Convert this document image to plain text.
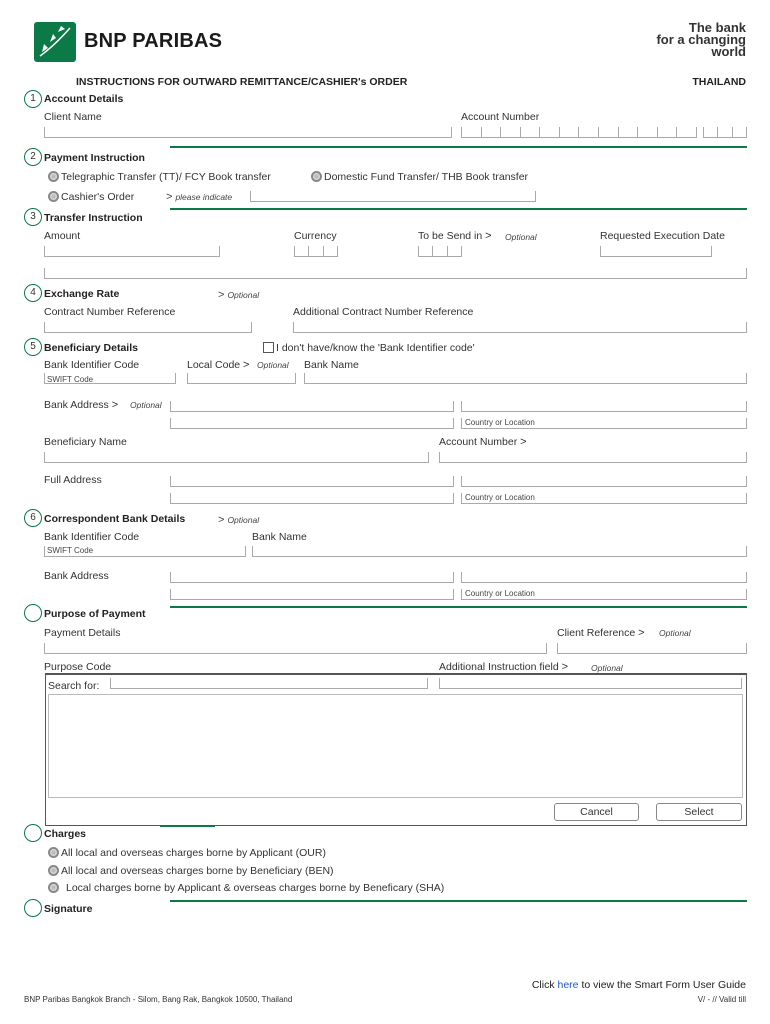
BNP PARIBAS
The bank
for a changing
world
INSTRUCTIONS FOR OUTWARD REMITTANCE/CASHIER's ORDER	THAILAND
1 Account Details
Client Name	Account Number
2 Payment Instruction
Telegraphic Transfer (TT)/ FCY Book transfer	Domestic Fund Transfer/ THB Book transfer
Cashier's Order	> please indicate
3 Transfer Instruction
Amount	Currency	To be Send in >	Optional	Requested Execution Date
4 Exchange Rate	> Optional
Contract Number Reference	Additional Contract Number Reference
5 Beneficiary Details	I don't have/know the 'Bank Identifier code'
Bank Identifier Code	Local Code > Optional Bank Name
SWIFT Code
Bank Address >	Optional
Country or Location
Beneficiary Name	Account Number >
Full Address
Country or Location
6 Correspondent Bank Details	> Optional
Bank Identifier Code	Bank Name
SWIFT Code
Bank Address
Country or Location
Purpose of Payment
Payment Details	Client Reference >	Optional
Purpose Code	Additional Instruction field >	Optional
Search for:
Cancel	Select
Charges
All local and overseas charges borne by Applicant (OUR)
All local and overseas charges borne by Beneficiary (BEN)
Local charges borne by Applicant & overseas charges borne by Beneficary (SHA)
Signature
Click here to view the Smart Form User Guide
BNP Paribas Bangkok Branch - Silom, Bang Rak, Bangkok 10500, Thailand	V/ - // Valid till
